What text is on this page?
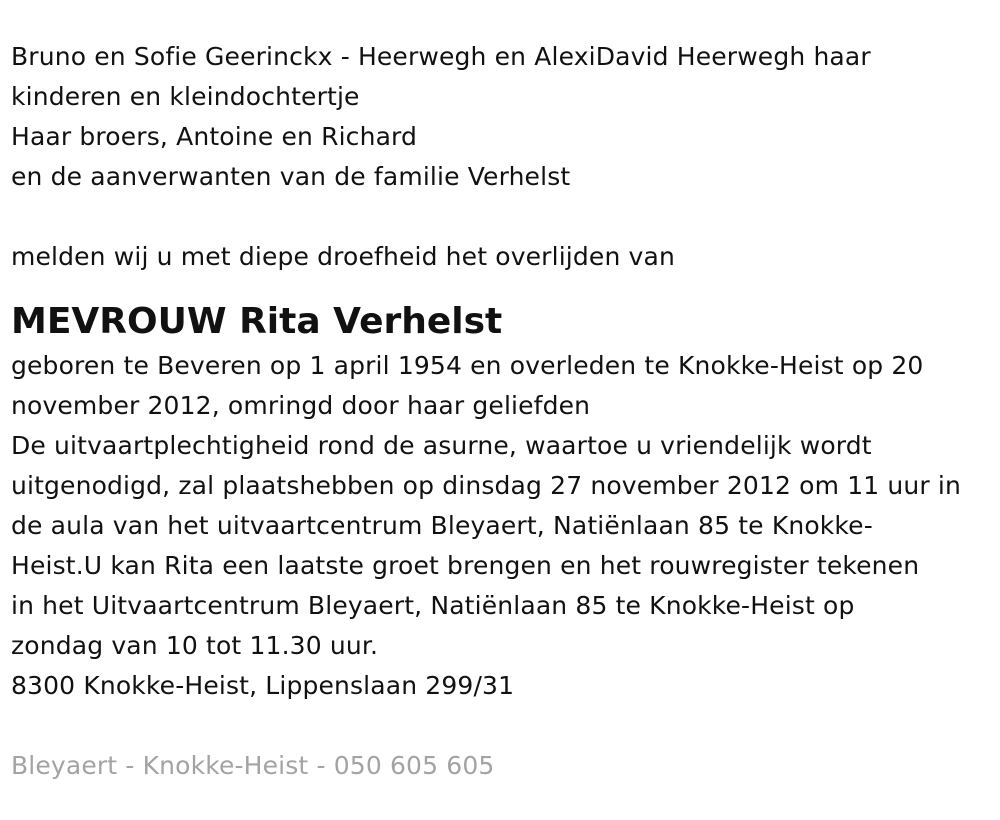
Bruno en Sofie Geerinckx - Heerwegh en AlexiDavid Heerwegh haar
kinderen en kleindochtertje
Haar broers, Antoine en Richard
en de aanverwanten van de familie Verhelst
melden wij u met diepe droefheid het overlijden van
MEVROUW Rita Verhelst
geboren te Beveren op 1 april 1954 en overleden te Knokke-Heist op 20
november 2012, omringd door haar geliefden
De uitvaartplechtigheid rond de asurne, waartoe u vriendelijk wordt
uitgenodigd, zal plaatshebben op dinsdag 27 november 2012 om 11 uur in
de aula van het uitvaartcentrum Bleyaert, Natiënlaan 85 te Knokke-
Heist.U kan Rita een laatste groet brengen en het rouwregister tekenen
in het Uitvaartcentrum Bleyaert, Natiënlaan 85 te Knokke-Heist op
zondag van 10 tot 11.30 uur.
8300 Knokke-Heist, Lippenslaan 299/31
Bleyaert - Knokke-Heist - 050 605 605
